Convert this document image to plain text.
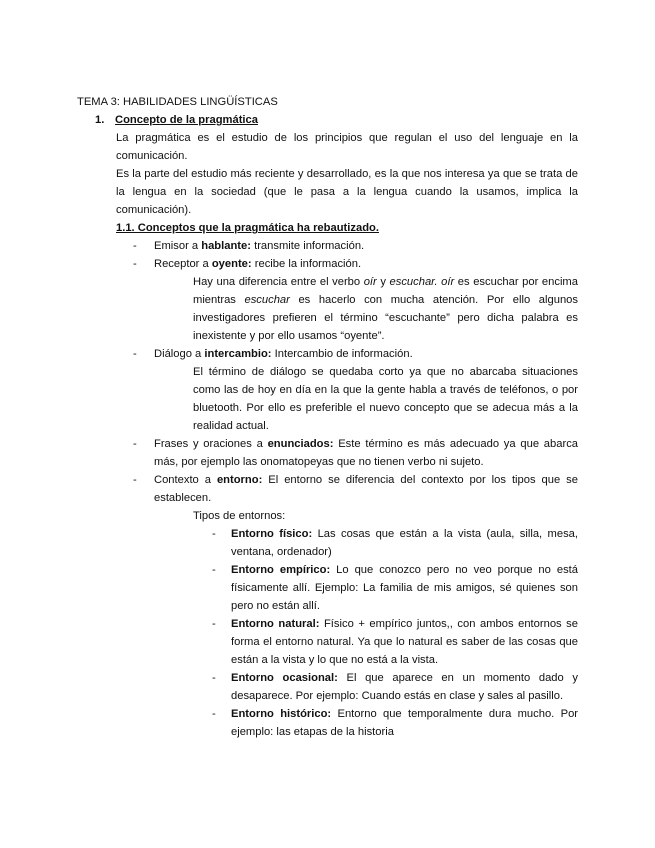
TEMA 3: HABILIDADES LINGÜÍSTICAS

1. Concepto de la pragmática

La pragmática es el estudio de los principios que regulan el uso del lenguaje en la comunicación.

Es la parte del estudio más reciente y desarrollado, es la que nos interesa ya que se trata de la lengua en la sociedad (que le pasa a la lengua cuando la usamos, implica la comunicación).

1.1. Conceptos que la pragmática ha rebautizado.

- Emisor a hablante: transmite información.

- Receptor a oyente: recibe la información.

Hay una diferencia entre el verbo oír y escuchar. oír es escuchar por encima mientras escuchar es hacerlo con mucha atención. Por ello algunos investigadores prefieren el término “escuchante” pero dicha palabra es inexistente y por ello usamos “oyente”.

- Diálogo a intercambio: Intercambio de información.

El término de diálogo se quedaba corto ya que no abarcaba situaciones como las de hoy en día en la que la gente habla a través de teléfonos, o por bluetooth. Por ello es preferible el nuevo concepto que se adecua más a la realidad actual.

- Frases y oraciones a enunciados: Este término es más adecuado ya que abarca más, por ejemplo las onomatopeyas que no tienen verbo ni sujeto.

- Contexto a entorno: El entorno se diferencia del contexto por los tipos que se establecen.

Tipos de entornos:

- Entorno físico: Las cosas que están a la vista (aula, silla, mesa, ventana, ordenador)

- Entorno empírico: Lo que conozco pero no veo porque no está físicamente allí. Ejemplo: La familia de mis amigos, sé quienes son pero no están allí.

- Entorno natural: Físico + empírico juntos,, con ambos entornos se forma el entorno natural. Ya que lo natural es saber de las cosas que están a la vista y lo que no está a la vista.

- Entorno ocasional: El que aparece en un momento dado y desaparece. Por ejemplo: Cuando estás en clase y sales al pasillo.

- Entorno histórico: Entorno que temporalmente dura mucho. Por ejemplo: las etapas de la historia
